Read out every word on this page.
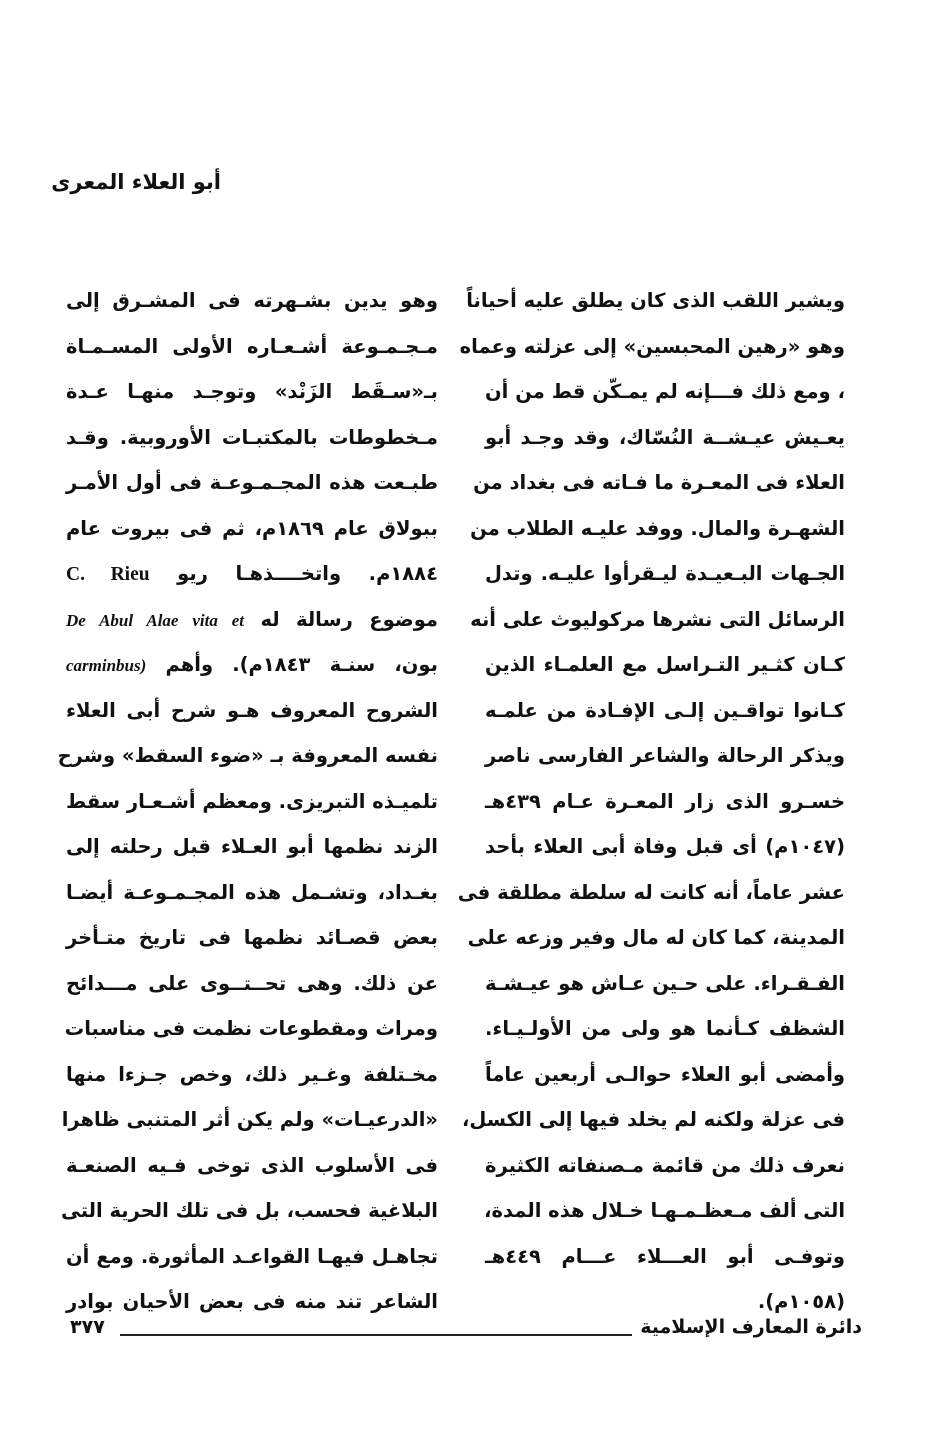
أبو العلاء المعرى
ويشير اللقب الذى كان يطلق عليه أحياناً
وهو «رهين المحبسين» إلى عزلته وعماه
، ومع ذلك فـــإنه لم يمـكّن قط من أن
يعـيش عيـشــة النُسّاك، وقد وجـد أبو
العلاء فى المعـرة ما فـاته فى بغداد من
الشهـرة والمال. ووفد عليـه الطلاب من
الجـهات البـعيـدة ليـقرأوا عليـه. وتدل
الرسائل التى نشرها مركوليوث على أنه
كـان كثـير التـراسل مع العلمـاء الذين
كـانوا تواقـين إلـى الإفـادة من علمـه
ويذكر الرحالة والشاعر الفارسى ناصر
خسـرو الذى زار المعـرة عـام ٤٣٩هـ
(١٠٤٧م) أى قبل وفاة أبى العلاء بأحد
عشر عاماً، أنه كانت له سلطة مطلقة فى
المدينة، كما كان له مال وفير وزعه على
الفـقـراء. على حـين عـاش هو عيـشـة
الشظف كـأنما هو ولى من الأولـيـاء.
وأمضى أبو العلاء حوالـى أربعين عاماً
فى عزلة ولكنه لم يخلد فيها إلى الكسل،
نعرف ذلك من قائمة مـصنفاته الكثيرة
التى ألف مـعظـمـهـا خـلال هذه المدة،
وتوفـى أبو العـــلاء عـــام ٤٤٩هـ
(١٠٥٨م).
وهو يدين بشـهرته فى المشـرق إلى
مـجـمـوعة أشـعـاره الأولى المسـمـاة
بـ«سـقَط الزَنْد» وتوجـد منهـا عـدة
مـخطوطات بالمكتبـات الأوروبية. وقـد
طبـعت هذه المجـمـوعـة فى أول الأمـر
ببولاق عام ١٨٦٩م، ثم فى بيروت عام
١٨٨٤م. واتخــــذهـا ريو C. Rieu
موضوع رسالة له De Abul Alae vita et
بون، سنـة ١٨٤٣م). وأهم carminbus)
الشروح المعروف هـو شرح أبى العلاء
نفسه المعروفة بـ «ضوء السقط» وشرح
تلميـذه التبريزى. ومعظم أشـعـار سقط
الزند نظمها أبو العـلاء قبل رحلته إلى
بغـداد، وتشـمل هذه المجـمـوعـة أيضـا
بعض قصـائد نظمها فى تاريخ متـأخر
عن ذلك. وهى تحــتــوى على مـــدائح
ومراث ومقطوعات نظمت فى مناسبات
مخـتلفة وغـير ذلك، وخص جـزءا منها
«الدرعيـات» ولم يكن أثر المتنبى ظاهرا
فى الأسلوب الذى توخى فـيه الصنعـة
البلاغية فحسب، بل فى تلك الحرية التى
تجاهـل فيهـا القواعـد المأثورة. ومع أن
الشاعر تند منه فى بعض الأحيان بوادر
دائرة المعارف الإسلامية
٣٧٧
